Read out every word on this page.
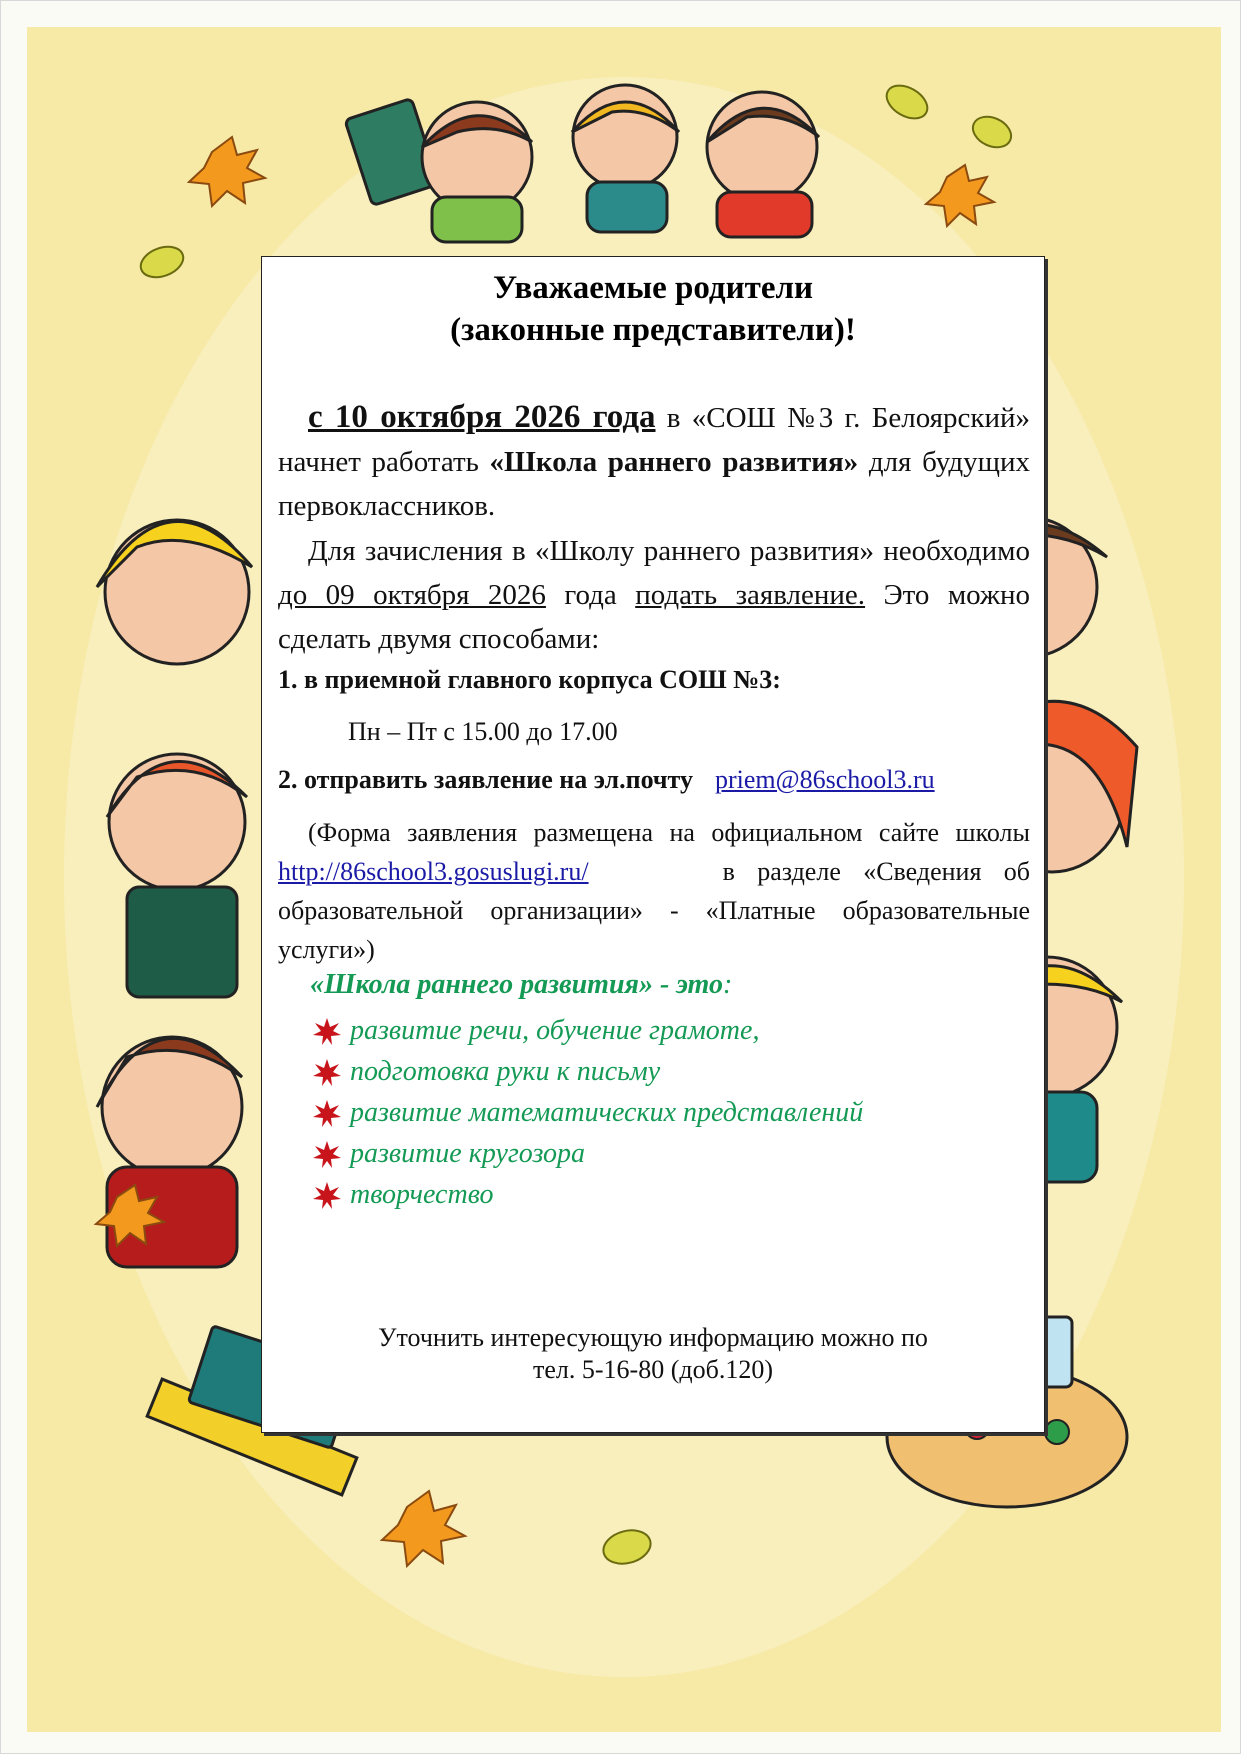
Уважаемые родители
(законные представители)!
с 10 октября 2026 года в «СОШ №3 г. Белоярский» начнет работать «Школа раннего развития» для будущих первоклассников.
Для зачисления в «Школу раннего развития» необходимо до 09 октября 2026 года подать заявление. Это можно сделать двумя способами:
1. в приемной главного корпуса СОШ №3:
Пн – Пт с 15.00 до 17.00
2. отправить заявление на эл.почту priem@86school3.ru
(Форма заявления размещена на официальном сайте школы http://86school3.gosuslugi.ru/      в разделе «Сведения об образовательной организации» - «Платные образовательные услуги»)
«Школа раннего развития» - это:
развитие речи, обучение грамоте,
подготовка руки к письму
развитие математических представлений
развитие кругозора
творчество
Уточнить интересующую информацию можно по
тел. 5-16-80 (доб.120)
